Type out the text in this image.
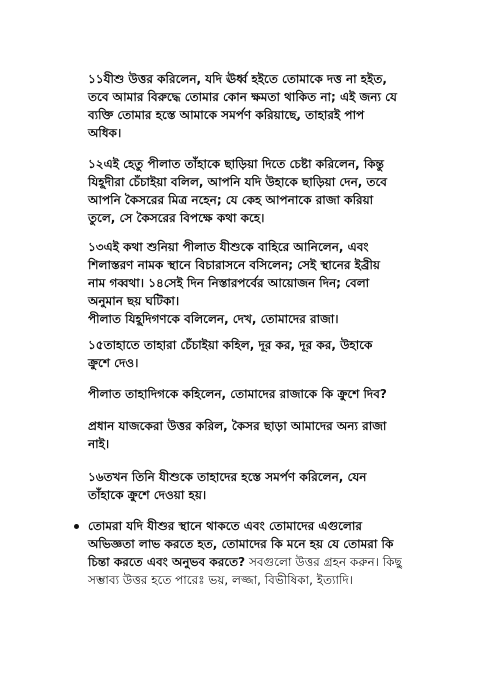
১১যীশু উত্তর করিলেন, যদি ঊর্ধ্ব হইতে তোমাকে দত্ত না হইত,
তবে আমার বিরুদ্ধে তোমার কোন ক্ষমতা থাকিত না; এই জন্য যে
ব্যক্তি তোমার হস্তে আমাকে সমর্পণ করিয়াছে, তাহারই পাপ
অধিক।

১২এই হেতু পীলাত তাঁহাকে ছাড়িয়া দিতে চেষ্টা করিলেন, কিন্তু
যিহূদীরা চেঁচাইয়া বলিল, আপনি যদি উহাকে ছাড়িয়া দেন, তবে
আপনি কৈসরের মিত্র নহেন; যে কেহ আপনাকে রাজা করিয়া
তুলে, সে কৈসরের বিপক্ষে কথা কহে।

১৩এই কথা শুনিয়া পীলাত যীশুকে বাহিরে আনিলেন, এবং
শিলাস্তরণ নামক স্থানে বিচারাসনে বসিলেন; সেই স্থানের ইব্রীয়
নাম গব্বথা। ১৪সেই দিন নিস্তারপর্বের আয়োজন দিন; বেলা
অনুমান ছয় ঘটিকা।
পীলাত যিহূদিগণকে বলিলেন, দেখ, তোমাদের রাজা।

১৫তাহাতে তাহারা চেঁচাইয়া কহিল, দূর কর, দূর কর, উহাকে
ক্রুশে দেও।

পীলাত তাহাদিগকে কহিলেন, তোমাদের রাজাকে কি ক্রুশে দিব?

প্রধান যাজকেরা উত্তর করিল, কৈসর ছাড়া আমাদের অন্য রাজা
নাই।

১৬তখন তিনি যীশুকে তাহাদের হস্তে সমর্পণ করিলেন, যেন
তাঁহাকে ক্রুশে দেওয়া হয়।

তোমরা যদি যীশুর স্থানে থাকতে এবং তোমাদের এগুলোর
অভিজ্ঞতা লাভ করতে হত, তোমাদের কি মনে হয় যে তোমরা কি
চিন্তা করতে এবং অনুভব করতে? সবগুলো উত্তর গ্রহন করুন। কিছু
সম্ভাব্য উত্তর হতে পারেঃ ভয়, লজ্জা, বিভীষিকা, ইত্যাদি।
